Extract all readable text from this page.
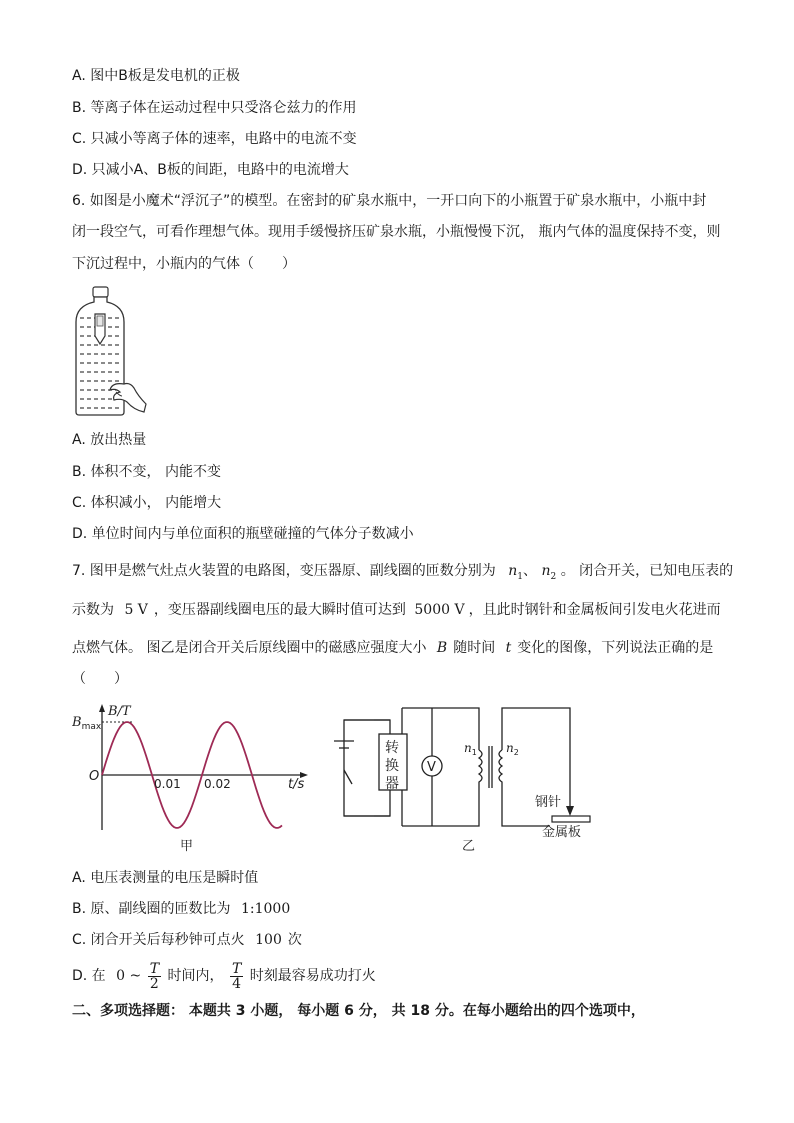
A. 图中B板是发电机的正极
B. 等离子体在运动过程中只受洛仑兹力的作用
C. 只减小等离子体的速率，电路中的电流不变
D. 只减小A、B板的间距，电路中的电流增大
6. 如图是小魔术“浮沉子”的模型。在密封的矿泉水瓶中，一开口向下的小瓶置于矿泉水瓶中，小瓶中封
闭一段空气，可看作理想气体。现用手缓慢挤压矿泉水瓶，小瓶慢慢下沉， 瓶内气体的温度保持不变，则
下沉过程中，小瓶内的气体（　　）
A. 放出热量
B. 体积不变， 内能不变
C. 体积减小， 内能增大
D. 单位时间内与单位面积的瓶壁碰撞的气体分子数减小
7. 图甲是燃气灶点火装置的电路图，变压器原、副线圈的匝数分别为 $n_1$、 $n_2$ 。 闭合开关，已知电压表的
示数为 5 V ，变压器副线圈电压的最大瞬时值可达到 5000 V ，且此时钢针和金属板间引发电火花进而
点燃气体。 图乙是闭合开关后原线圈中的磁感应强度大小 B 随时间 t 变化的图像，下列说法正确的是
（　　）
B/T
$B_{max}$
O	0.01 0.02	t/s
甲
转
换
器
V
$n_1$ $n_2$
钢针
金属板
乙
A. 电压表测量的电压是瞬时值
B. 原、副线圈的匝数比为 1:1000
C. 闭合开关后每秒钟可点火 100 次
D. 在 0 ~ $\frac{T}{2}$ 时间内， $\frac{T}{4}$ 时刻最容易成功打火
二、多项选择题： 本题共 3 小题， 每小题 6 分， 共 18 分。在每小题给出的四个选项中，
